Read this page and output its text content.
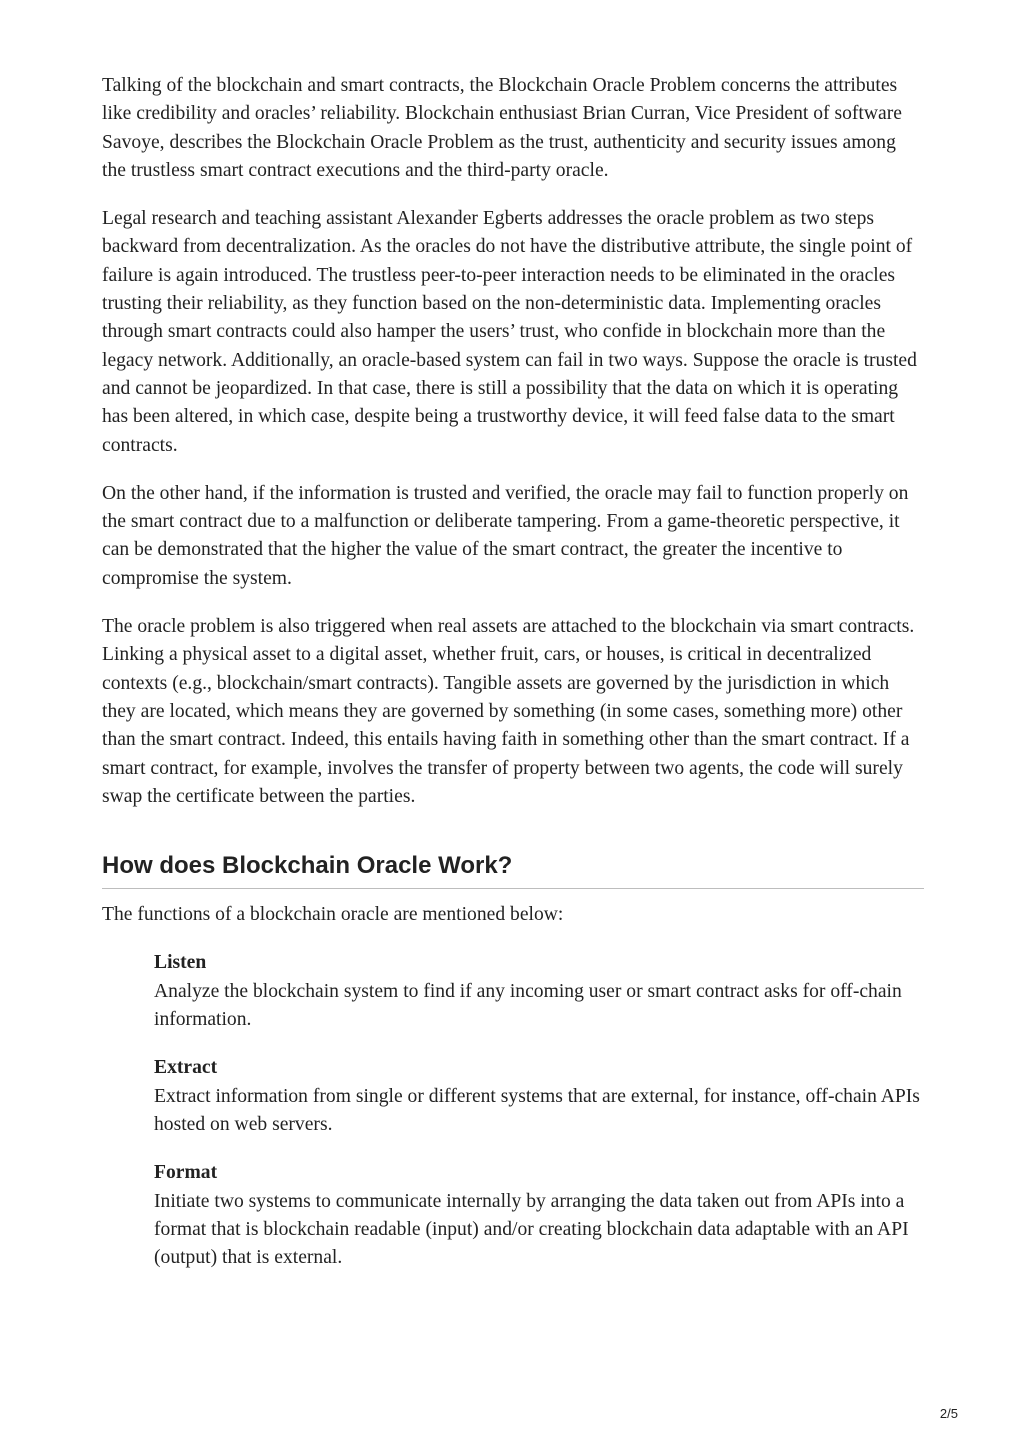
Talking of the blockchain and smart contracts, the Blockchain Oracle Problem concerns the attributes like credibility and oracles’ reliability. Blockchain enthusiast Brian Curran, Vice President of software Savoye, describes the Blockchain Oracle Problem as the trust, authenticity and security issues among the trustless smart contract executions and the third-party oracle.

Legal research and teaching assistant Alexander Egberts addresses the oracle problem as two steps backward from decentralization. As the oracles do not have the distributive attribute, the single point of failure is again introduced. The trustless peer-to-peer interaction needs to be eliminated in the oracles trusting their reliability, as they function based on the non-deterministic data. Implementing oracles through smart contracts could also hamper the users’ trust, who confide in blockchain more than the legacy network. Additionally, an oracle-based system can fail in two ways. Suppose the oracle is trusted and cannot be jeopardized. In that case, there is still a possibility that the data on which it is operating has been altered, in which case, despite being a trustworthy device, it will feed false data to the smart contracts.

On the other hand, if the information is trusted and verified, the oracle may fail to function properly on the smart contract due to a malfunction or deliberate tampering. From a game-theoretic perspective, it can be demonstrated that the higher the value of the smart contract, the greater the incentive to compromise the system.

The oracle problem is also triggered when real assets are attached to the blockchain via smart contracts. Linking a physical asset to a digital asset, whether fruit, cars, or houses, is critical in decentralized contexts (e.g., blockchain/smart contracts). Tangible assets are governed by the jurisdiction in which they are located, which means they are governed by something (in some cases, something more) other than the smart contract. Indeed, this entails having faith in something other than the smart contract. If a smart contract, for example, involves the transfer of property between two agents, the code will surely swap the certificate between the parties.

How does Blockchain Oracle Work?

The functions of a blockchain oracle are mentioned below:

Listen
Analyze the blockchain system to find if any incoming user or smart contract asks for off-chain information.
Extract
Extract information from single or different systems that are external, for instance, off-chain APIs hosted on web servers.
Format
Initiate two systems to communicate internally by arranging the data taken out from APIs into a format that is blockchain readable (input) and/or creating blockchain data adaptable with an API (output) that is external.
2/5
